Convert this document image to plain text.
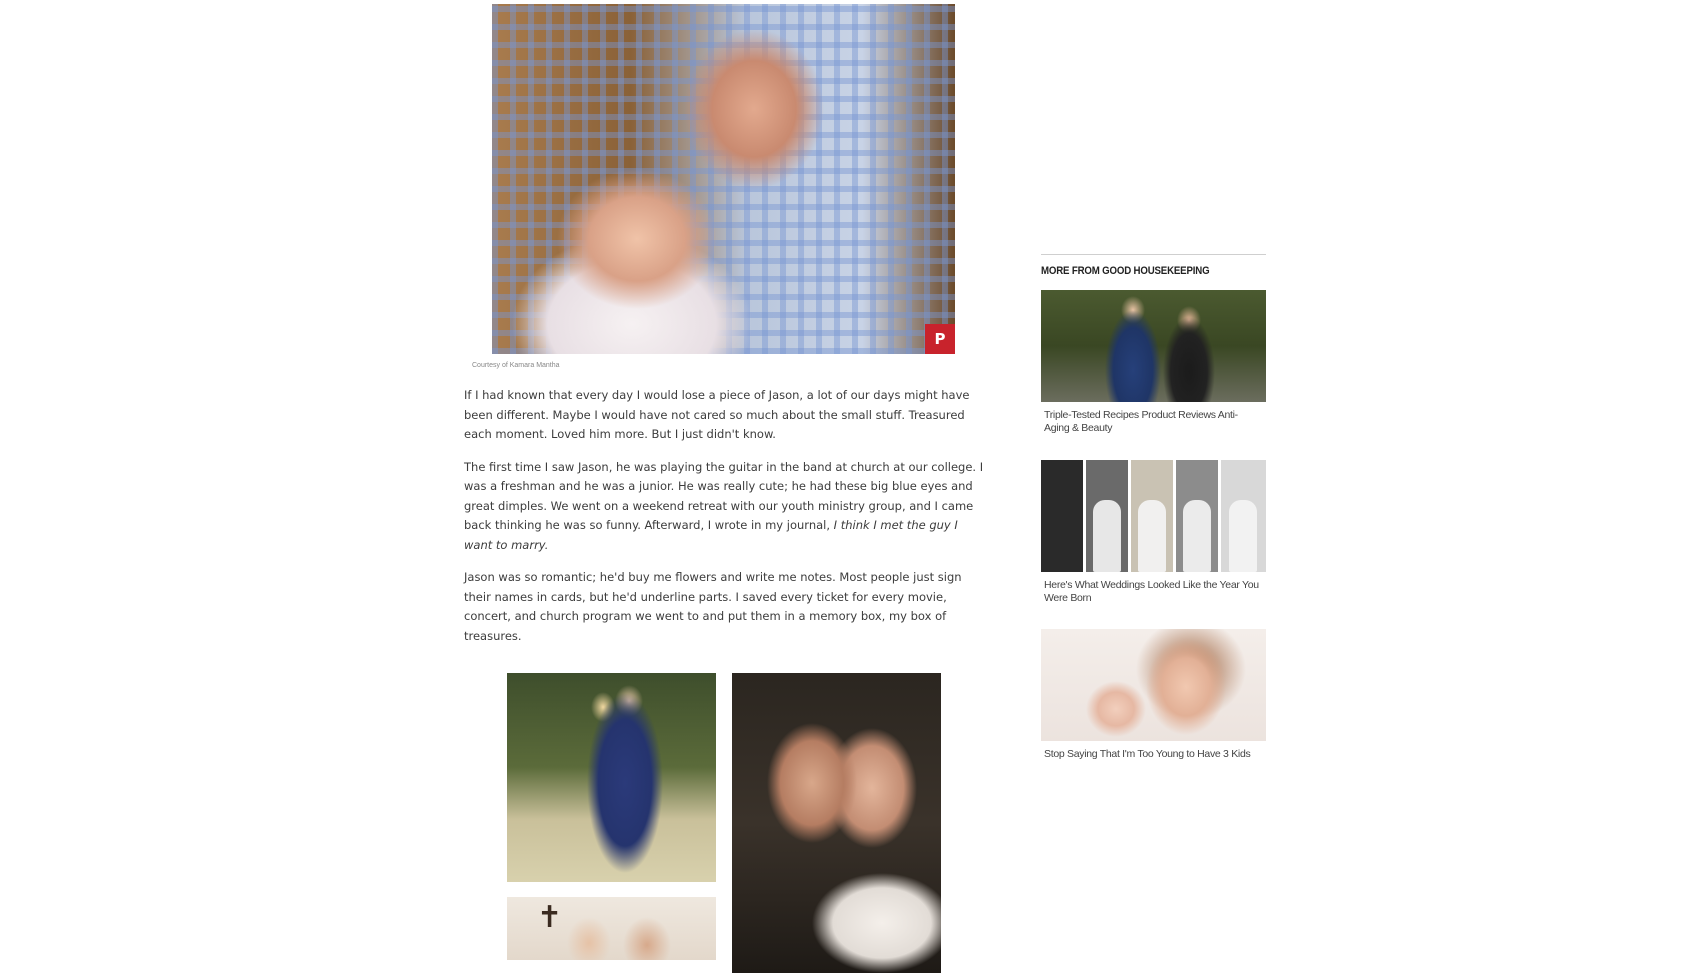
P
Courtesy of Kamara Mantha

If I had known that every day I would lose a piece of Jason, a lot of our days might have been different. Maybe I would have not cared so much about the small stuff. Treasured each moment. Loved him more. But I just didn't know.

The first time I saw Jason, he was playing the guitar in the band at church at our college. I was a freshman and he was a junior. He was really cute; he had these big blue eyes and great dimples. We went on a weekend retreat with our youth ministry group, and I came back thinking he was so funny. Afterward, I wrote in my journal, I think I met the guy I want to marry.

Jason was so romantic; he'd buy me flowers and write me notes. Most people just sign their names in cards, but he'd underline parts. I saved every ticket for every movie, concert, and church program we went to and put them in a memory box, my box of treasures.

✝
MORE FROM GOOD HOUSEKEEPING
Triple-Tested Recipes Product Reviews Anti-Aging & Beauty
Here's What Weddings Looked Like the Year You Were Born
Stop Saying That I'm Too Young to Have 3 Kids
